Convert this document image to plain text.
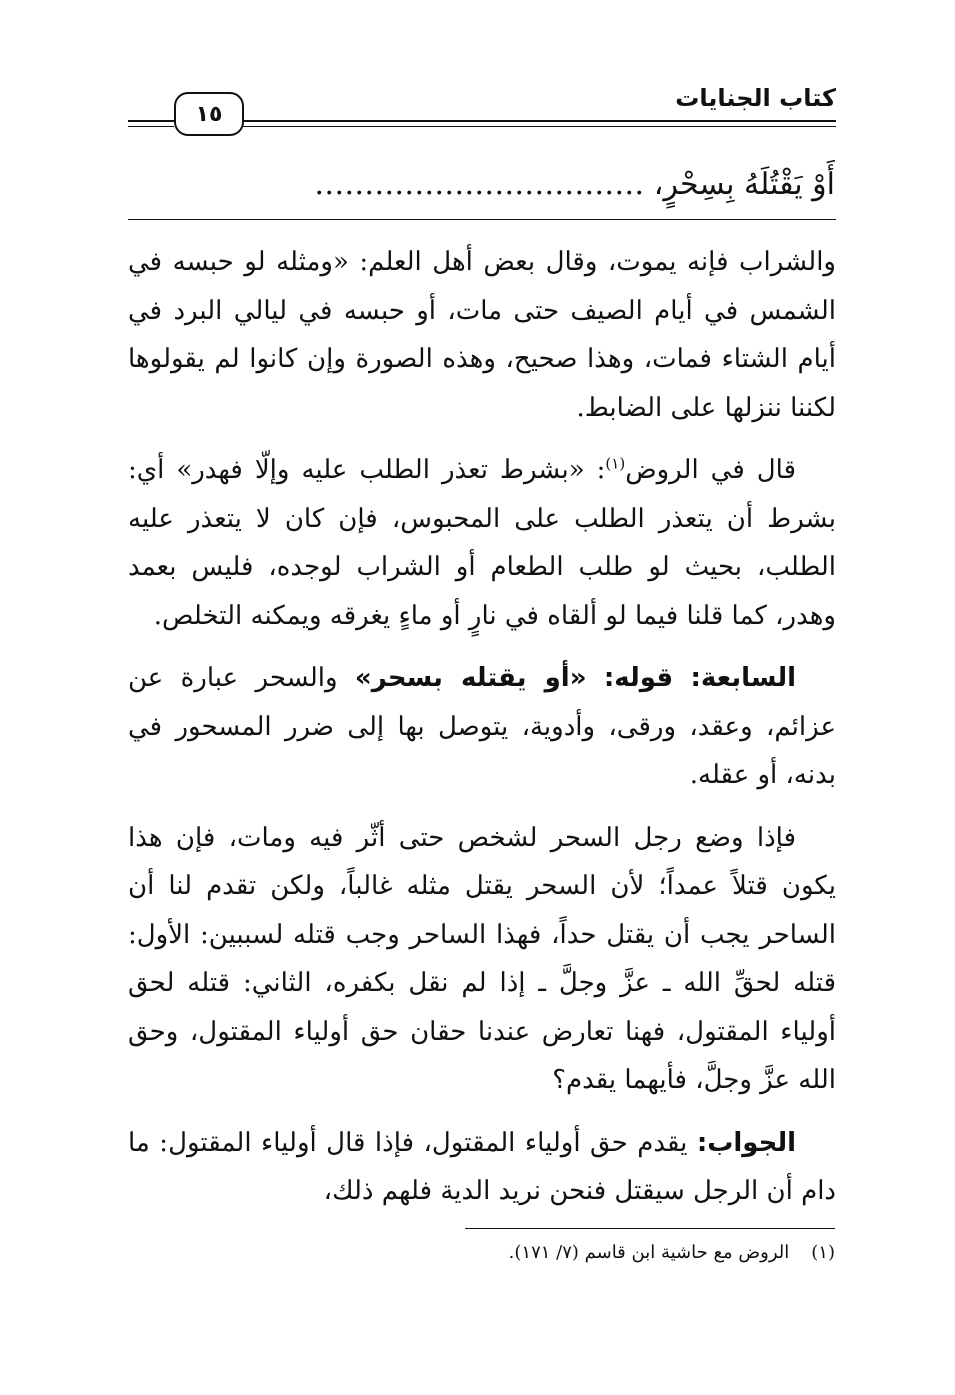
كتاب الجنايات
١٥
أَوْ يَقْتُلَهُ بِسِحْرٍ، ……………………………

والشراب فإنه يموت، وقال بعض أهل العلم: «ومثله لو حبسه في الشمس في أيام الصيف حتى مات، أو حبسه في ليالي البرد في أيام الشتاء فمات، وهذا صحيح، وهذه الصورة وإن كانوا لم يقولوها لكننا ننزلها على الضابط.

قال في الروض$^{(١)}$: «بشرط تعذر الطلب عليه وإلّا فهدر» أي: بشرط أن يتعذر الطلب على المحبوس، فإن كان لا يتعذر عليه الطلب، بحيث لو طلب الطعام أو الشراب لوجده، فليس بعمد وهدر، كما قلنا فيما لو ألقاه في نارٍ أو ماءٍ يغرقه ويمكنه التخلص.

السابعة: قوله: «أو يقتله بسحر» والسحر عبارة عن عزائم، وعقد، ورقى، وأدوية، يتوصل بها إلى ضرر المسحور في بدنه، أو عقله.

فإذا وضع رجل السحر لشخص حتى أثّر فيه ومات، فإن هذا يكون قتلاً عمداً؛ لأن السحر يقتل مثله غالباً، ولكن تقدم لنا أن الساحر يجب أن يقتل حداً، فهذا الساحر وجب قتله لسببين: الأول: قتله لحقِّ الله ـ عزَّ وجلَّ ـ إذا لم نقل بكفره، الثاني: قتله لحق أولياء المقتول، فهنا تعارض عندنا حقان حق أولياء المقتول، وحق الله عزَّ وجلَّ، فأيهما يقدم؟

الجواب: يقدم حق أولياء المقتول، فإذا قال أولياء المقتول: ما دام أن الرجل سيقتل فنحن نريد الدية فلهم ذلك،

(١)الروض مع حاشية ابن قاسم (٧/ ١٧١).
